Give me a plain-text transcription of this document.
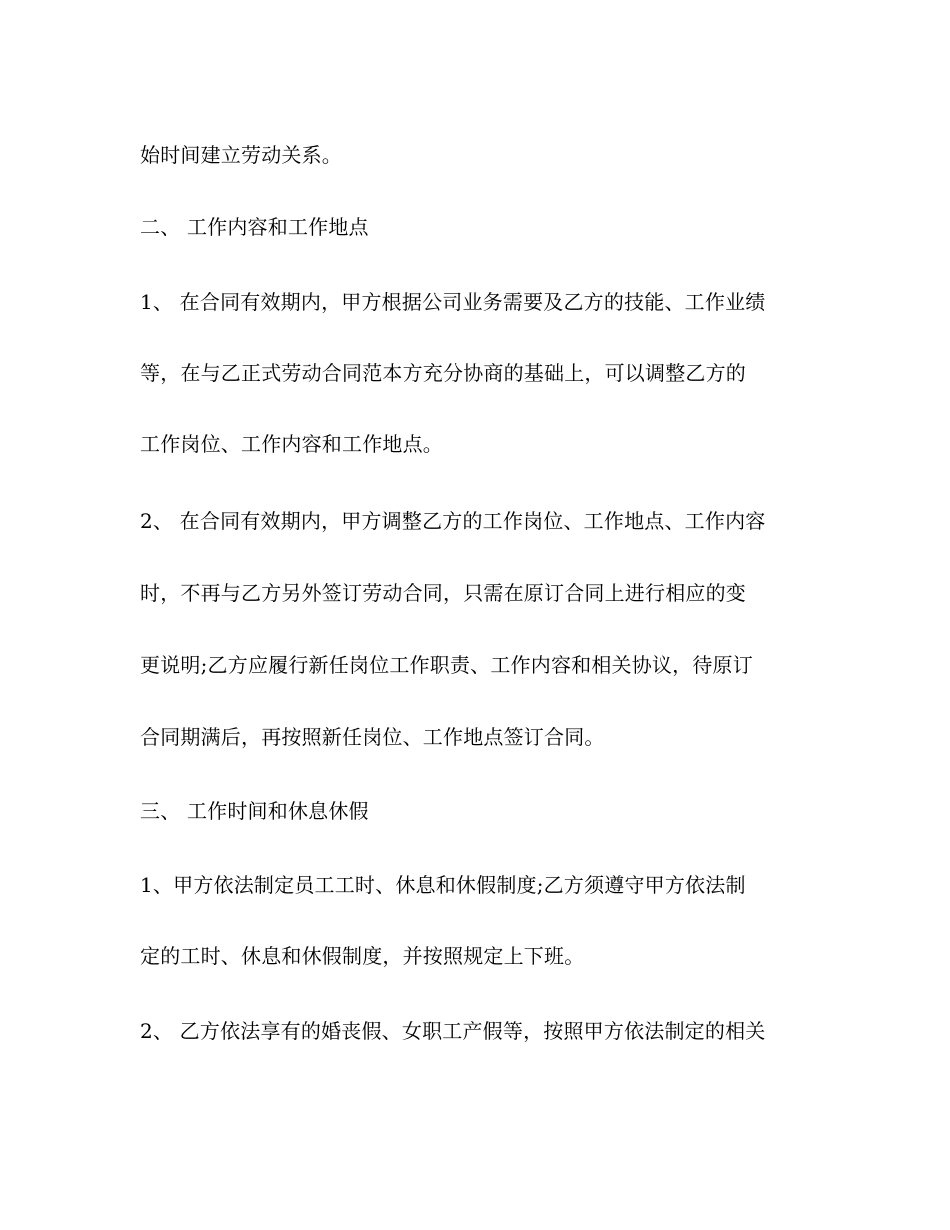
始时间建立劳动关系。

二、 工作内容和工作地点

1、 在合同有效期内，甲方根据公司业务需要及乙方的技能、工作业绩

等，在与乙正式劳动合同范本方充分协商的基础上，可以调整乙方的

工作岗位、工作内容和工作地点。

2、 在合同有效期内，甲方调整乙方的工作岗位、工作地点、工作内容

时，不再与乙方另外签订劳动合同，只需在原订合同上进行相应的变

更说明;乙方应履行新任岗位工作职责、工作内容和相关协议，待原订

合同期满后，再按照新任岗位、工作地点签订合同。

三、 工作时间和休息休假

1、甲方依法制定员工工时、休息和休假制度;乙方须遵守甲方依法制

定的工时、休息和休假制度，并按照规定上下班。

2、 乙方依法享有的婚丧假、女职工产假等，按照甲方依法制定的相关
